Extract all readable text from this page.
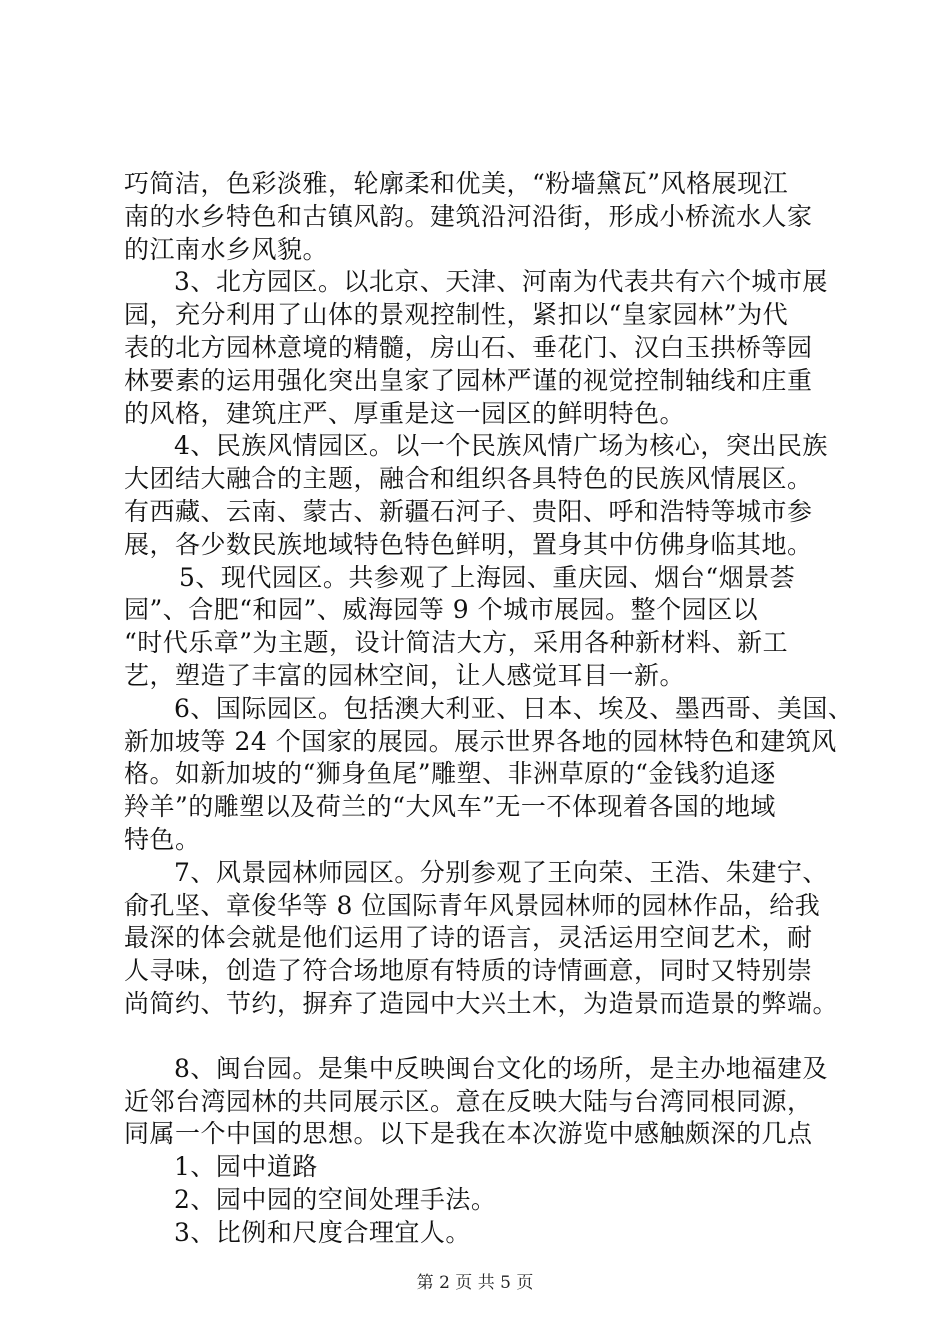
巧简洁，色彩淡雅，轮廓柔和优美，“粉墙黛瓦”风格展现江
南的水乡特色和古镇风韵。建筑沿河沿街，形成小桥流水人家
的江南水乡风貌。
3、北方园区。以北京、天津、河南为代表共有六个城市展
园，充分利用了山体的景观控制性，紧扣以“皇家园林”为代
表的北方园林意境的精髓，房山石、垂花门、汉白玉拱桥等园
林要素的运用强化突出皇家了园林严谨的视觉控制轴线和庄重
的风格，建筑庄严、厚重是这一园区的鲜明特色。
4、民族风情园区。以一个民族风情广场为核心，突出民族
大团结大融合的主题，融合和组织各具特色的民族风情展区。
有西藏、云南、蒙古、新疆石河子、贵阳、呼和浩特等城市参
展，各少数民族地域特色特色鲜明，置身其中仿佛身临其地。
5、现代园区。共参观了上海园、重庆园、烟台“烟景荟
园”、合肥“和园”、威海园等 9 个城市展园。整个园区以
“时代乐章”为主题，设计简洁大方，采用各种新材料、新工
艺，塑造了丰富的园林空间，让人感觉耳目一新。
6、国际园区。包括澳大利亚、日本、埃及、墨西哥、美国、
新加坡等 24 个国家的展园。展示世界各地的园林特色和建筑风
格。如新加坡的“狮身鱼尾”雕塑、非洲草原的“金钱豹追逐
羚羊”的雕塑以及荷兰的“大风车”无一不体现着各国的地域
特色。
7、风景园林师园区。分别参观了王向荣、王浩、朱建宁、
俞孔坚、章俊华等 8 位国际青年风景园林师的园林作品，给我
最深的体会就是他们运用了诗的语言，灵活运用空间艺术，耐
人寻味，创造了符合场地原有特质的诗情画意，同时又特别崇
尚简约、节约，摒弃了造园中大兴土木，为造景而造景的弊端。
8、闽台园。是集中反映闽台文化的场所，是主办地福建及
近邻台湾园林的共同展示区。意在反映大陆与台湾同根同源，
同属一个中国的思想。以下是我在本次游览中感触颇深的几点
1、园中道路
2、园中园的空间处理手法。
3、比例和尺度合理宜人。
第 2 页 共 5 页
